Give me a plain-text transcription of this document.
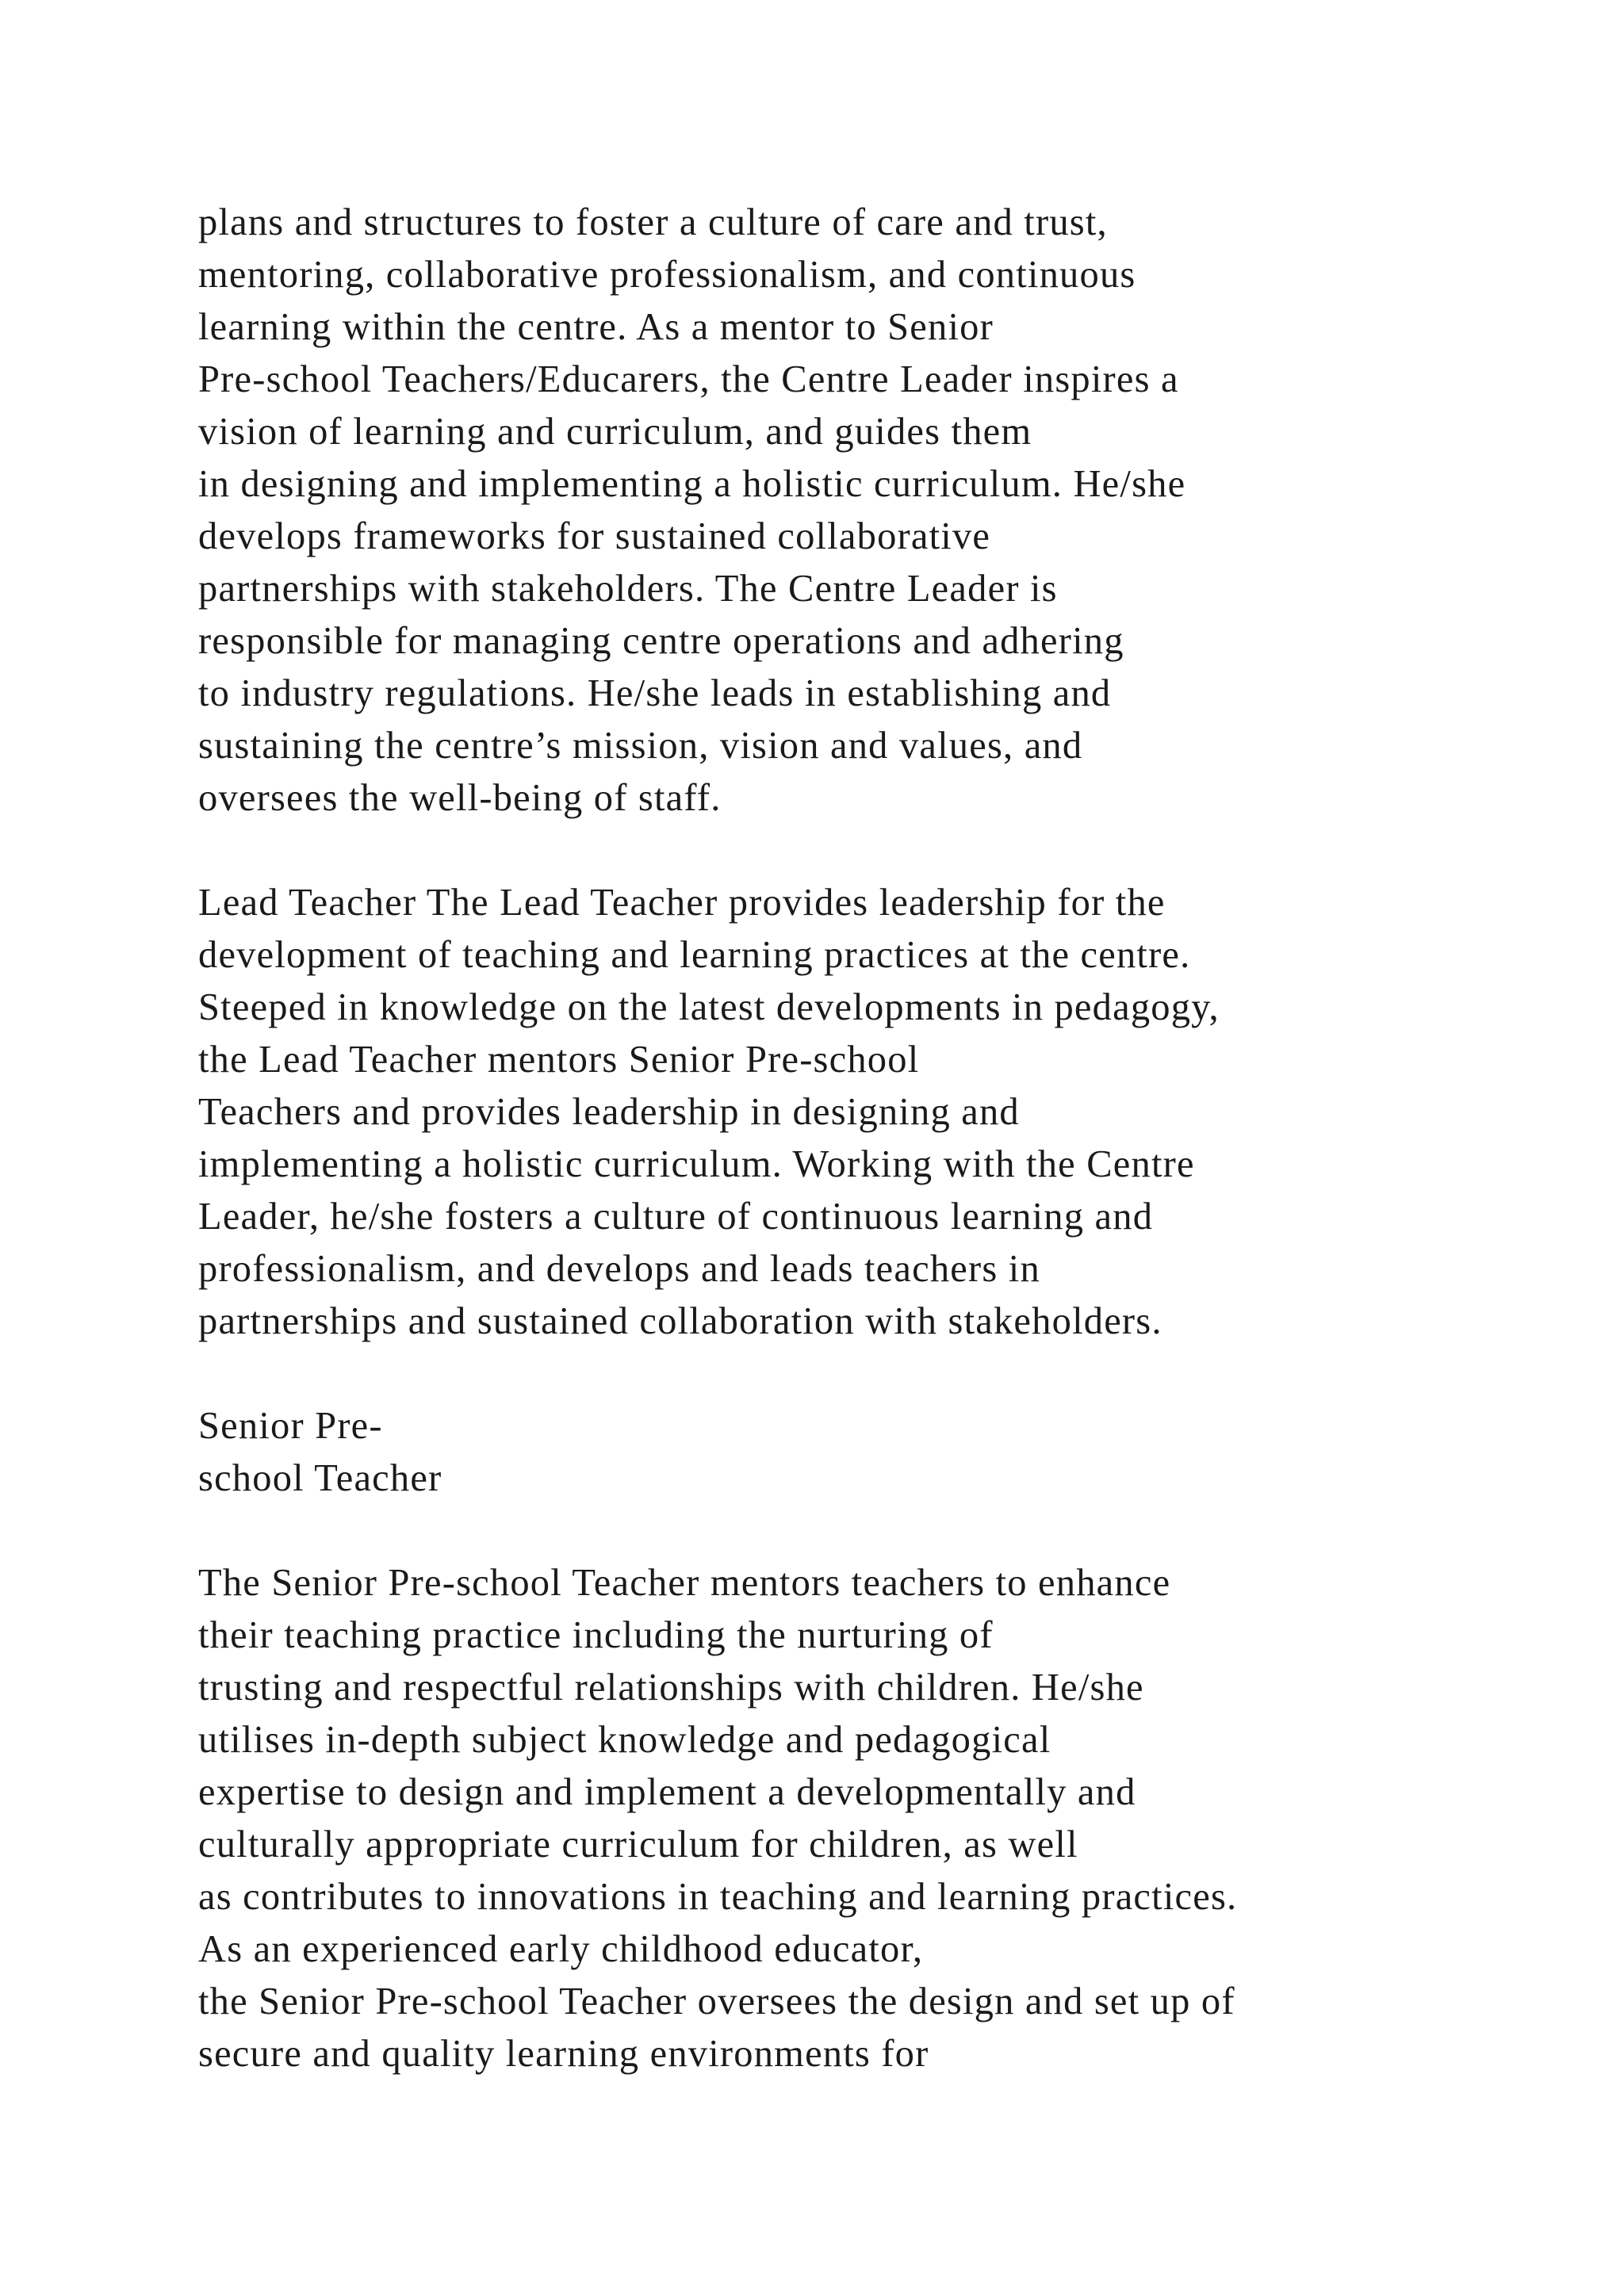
plans and structures to foster a culture of care and trust,
mentoring, collaborative professionalism, and continuous
learning within the centre. As a mentor to Senior
Pre-school Teachers/Educarers, the Centre Leader inspires a
vision of learning and curriculum, and guides them
in designing and implementing a holistic curriculum. He/she
develops frameworks for sustained collaborative
partnerships with stakeholders. The Centre Leader is
responsible for managing centre operations and adhering
to industry regulations. He/she leads in establishing and
sustaining the centre’s mission, vision and values, and
oversees the well-being of staff.
Lead Teacher The Lead Teacher provides leadership for the
development of teaching and learning practices at the centre.
Steeped in knowledge on the latest developments in pedagogy,
the Lead Teacher mentors Senior Pre-school
Teachers and provides leadership in designing and
implementing a holistic curriculum. Working with the Centre
Leader, he/she fosters a culture of continuous learning and
professionalism, and develops and leads teachers in
partnerships and sustained collaboration with stakeholders.
Senior Pre-
school Teacher
The Senior Pre-school Teacher mentors teachers to enhance
their teaching practice including the nurturing of
trusting and respectful relationships with children. He/she
utilises in-depth subject knowledge and pedagogical
expertise to design and implement a developmentally and
culturally appropriate curriculum for children, as well
as contributes to innovations in teaching and learning practices.
As an experienced early childhood educator,
the Senior Pre-school Teacher oversees the design and set up of
secure and quality learning environments for
